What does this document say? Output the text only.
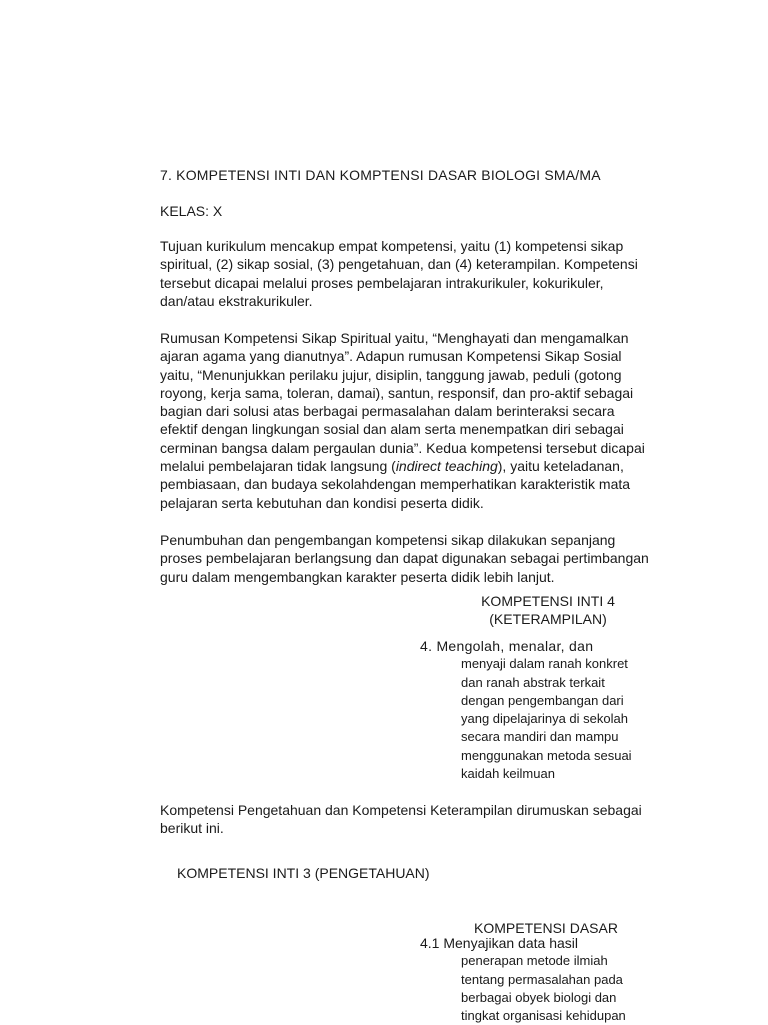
7. KOMPETENSI INTI DAN KOMPTENSI DASAR BIOLOGI SMA/MA
KELAS: X

Tujuan kurikulum mencakup empat kompetensi, yaitu (1) kompetensi sikap

spiritual, (2) sikap sosial, (3) pengetahuan, dan (4) keterampilan. Kompetensi

tersebut dicapai melalui proses pembelajaran intrakurikuler, kokurikuler,

dan/atau ekstrakurikuler.

Rumusan Kompetensi Sikap Spiritual yaitu, “Menghayati dan mengamalkan

ajaran agama yang dianutnya”. Adapun rumusan Kompetensi Sikap Sosial

yaitu, “Menunjukkan perilaku jujur, disiplin, tanggung jawab, peduli (gotong

royong, kerja sama, toleran, damai), santun, responsif, dan pro-aktif sebagai

bagian dari solusi atas berbagai permasalahan dalam berinteraksi secara

efektif dengan lingkungan sosial dan alam serta menempatkan diri sebagai

cerminan bangsa dalam pergaulan dunia”. Kedua kompetensi tersebut dicapai

melalui pembelajaran tidak langsung (indirect teaching), yaitu keteladanan,

pembiasaan, dan budaya sekolahdengan memperhatikan karakteristik mata

pelajaran serta kebutuhan dan kondisi peserta didik.

Penumbuhan dan pengembangan kompetensi sikap dilakukan sepanjang

proses pembelajaran berlangsung dan dapat digunakan sebagai pertimbangan

guru dalam mengembangkan karakter peserta didik lebih lanjut.

KOMPETENSI INTI 4

(KETERAMPILAN)

4. Mengolah, menalar, dan

menyaji dalam ranah konkret

dan ranah abstrak terkait

dengan pengembangan dari

yang dipelajarinya di sekolah

secara mandiri dan mampu

menggunakan metoda sesuai

kaidah keilmuan

Kompetensi Pengetahuan dan Kompetensi Keterampilan dirumuskan sebagai

berikut ini.

KOMPETENSI INTI 3 (PENGETAHUAN)
KOMPETENSI DASAR

4.1 Menyajikan data hasil

penerapan metode ilmiah

tentang permasalahan pada

berbagai obyek biologi dan

tingkat organisasi kehidupan
